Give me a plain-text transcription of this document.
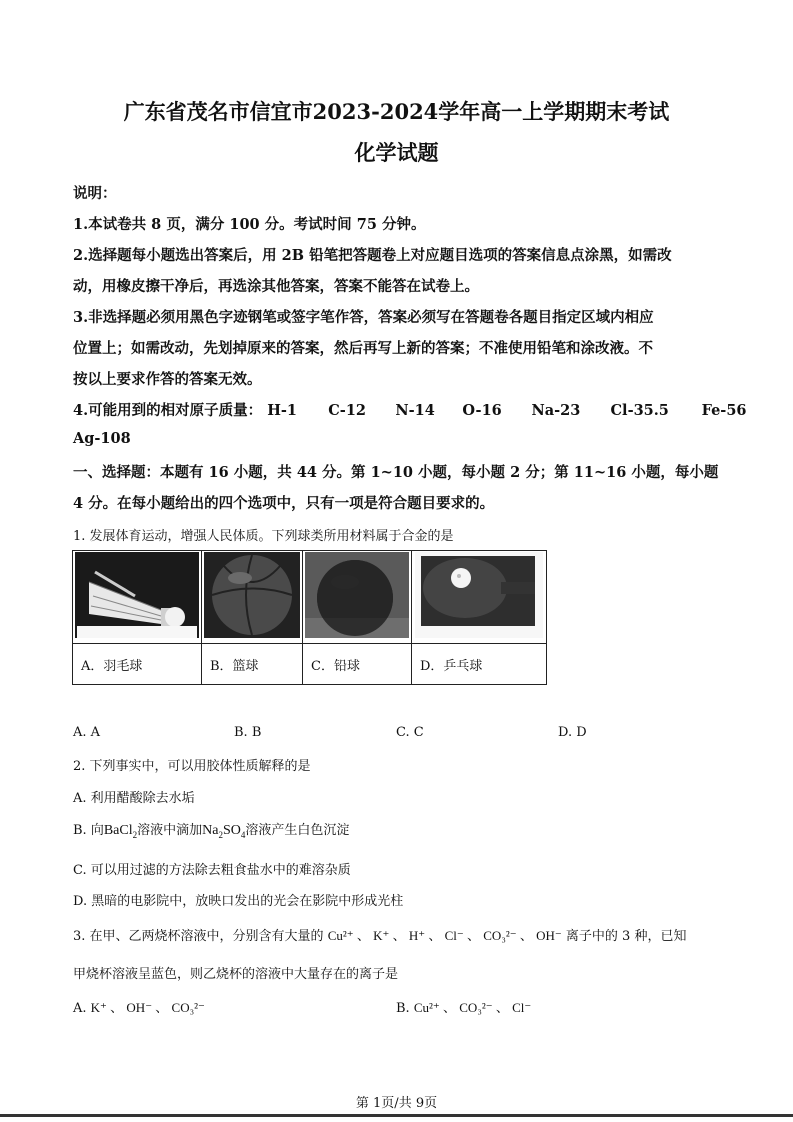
广东省茂名市信宜市2023-2024学年高一上学期期末考试
化学试题
说明：
1.本试卷共 8 页，满分 100 分。考试时间 75 分钟。
2.选择题每小题选出答案后，用 2B 铅笔把答题卷上对应题目选项的答案信息点涂黑，如需改
动，用橡皮擦干净后，再选涂其他答案，答案不能答在试卷上。
3.非选择题必须用黑色字迹钢笔或签字笔作答，答案必须写在答题卷各题目指定区域内相应
位置上；如需改动，先划掉原来的答案，然后再写上新的答案；不准使用铅笔和涂改液。不
按以上要求作答的答案无效。
4.可能用到的相对原子质量： H-1 C-12 N-14 O-16 Na-23 Cl-35.5 Fe-56
Ag-108
一、选择题：本题有 16 小题，共 44 分。第 1~10 小题，每小题 2 分；第 11~16 小题，每小题
4 分。在每小题给出的四个选项中，只有一项是符合题目要求的。
1. 发展体育运动，增强人民体质。下列球类所用材料属于合金的是

A．羽毛球	B．篮球	C．铅球	D．乒乓球
A. A	B. B	C. C	D. D
2. 下列事实中，可以用胶体性质解释的是
A. 利用醋酸除去水垢
B. 向BaCl$_2$溶液中滴加$Na_2SO_4$溶液产生白色沉淀
C. 可以用过滤的方法除去粗食盐水中的难溶杂质
D. 黑暗的电影院中，放映口发出的光会在影院中形成光柱
3. 在甲、乙两烧杯溶液中，分别含有大量的 Cu²⁺ 、 K⁺ 、 H⁺ 、 Cl⁻ 、 CO₃²⁻ 、 OH⁻ 离子中的 3 种，已知
甲烧杯溶液呈蓝色，则乙烧杯的溶液中大量存在的离子是
A. K⁺ 、 OH⁻ 、 CO₃²⁻	B. Cu²⁺ 、 CO₃²⁻ 、 Cl⁻
第 1页/共 9页
